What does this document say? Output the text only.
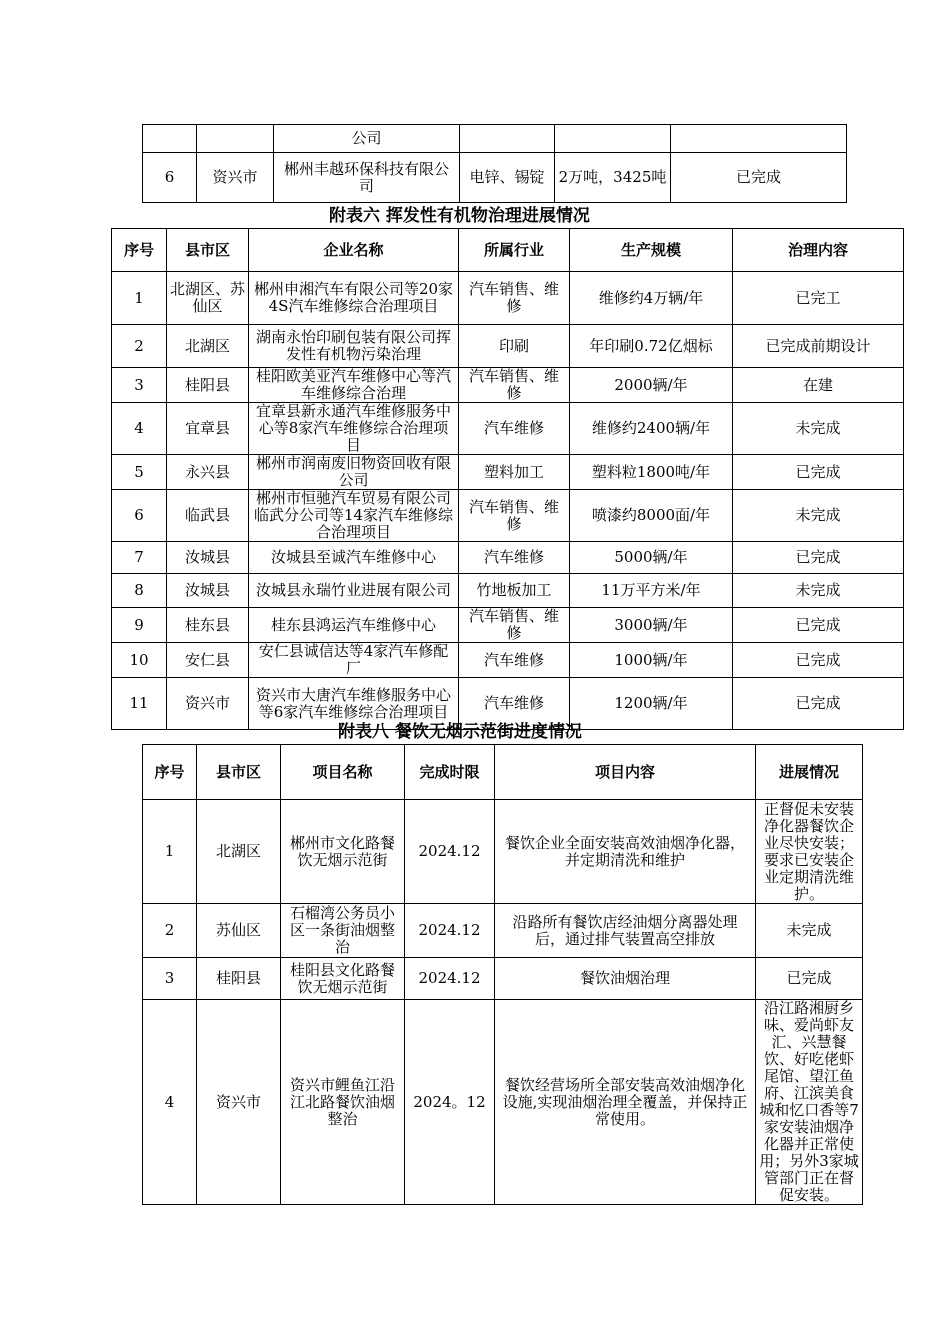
		公司			
6	资兴市	郴州丰越环保科技有限公司	电锌、锡锭	2万吨，3425吨	已完成
附表六 挥发性有机物治理进展情况
序号	县市区	企业名称	所属行业	生产规模	治理内容
1	北湖区、苏仙区	郴州申湘汽车有限公司等20家4S汽车维修综合治理项目	汽车销售、维修	维修约4万辆/年	已完工
2	北湖区	湖南永怡印刷包装有限公司挥发性有机物污染治理	印刷	年印刷0.72亿烟标	已完成前期设计
3	桂阳县	桂阳欧美亚汽车维修中心等汽车维修综合治理	汽车销售、维修	2000辆/年	在建
4	宜章县	宜章县新永通汽车维修服务中心等8家汽车维修综合治理项目	汽车维修	维修约2400辆/年	未完成
5	永兴县	郴州市润南废旧物资回收有限公司	塑料加工	塑料粒1800吨/年	已完成
6	临武县	郴州市恒驰汽车贸易有限公司临武分公司等14家汽车维修综合治理项目	汽车销售、维修	喷漆约8000面/年	未完成
7	汝城县	汝城县至诚汽车维修中心	汽车维修	5000辆/年	已完成
8	汝城县	汝城县永瑞竹业进展有限公司	竹地板加工	11万平方米/年	未完成
9	桂东县	桂东县鸿运汽车维修中心	汽车销售、维修	3000辆/年	已完成
10	安仁县	安仁县诚信达等4家汽车修配厂	汽车维修	1000辆/年	已完成
11	资兴市	资兴市大唐汽车维修服务中心等6家汽车维修综合治理项目	汽车维修	1200辆/年	已完成
附表八 餐饮无烟示范街进度情况
序号	县市区	项目名称	完成时限	项目内容	进展情况
1	北湖区	郴州市文化路餐饮无烟示范街	2024.12	餐饮企业全面安装高效油烟净化器，并定期清洗和维护	正督促未安装净化器餐饮企业尽快安装；要求已安装企业定期清洗维护。
2	苏仙区	石榴湾公务员小区一条街油烟整治	2024.12	沿路所有餐饮店经油烟分离器处理后，通过排气装置高空排放	未完成
3	桂阳县	桂阳县文化路餐饮无烟示范街	2024.12	餐饮油烟治理	已完成
4	资兴市	资兴市鲤鱼江沿江北路餐饮油烟整治	2024。12	餐饮经营场所全部安装高效油烟净化设施,实现油烟治理全覆盖，并保持正常使用。	沿江路湘厨乡味、爱尚虾友汇、兴慧餐饮、好吃佬虾尾馆、望江鱼府、江滨美食城和忆口香等7家安装油烟净化器并正常使用；另外3家城管部门正在督促安装。
